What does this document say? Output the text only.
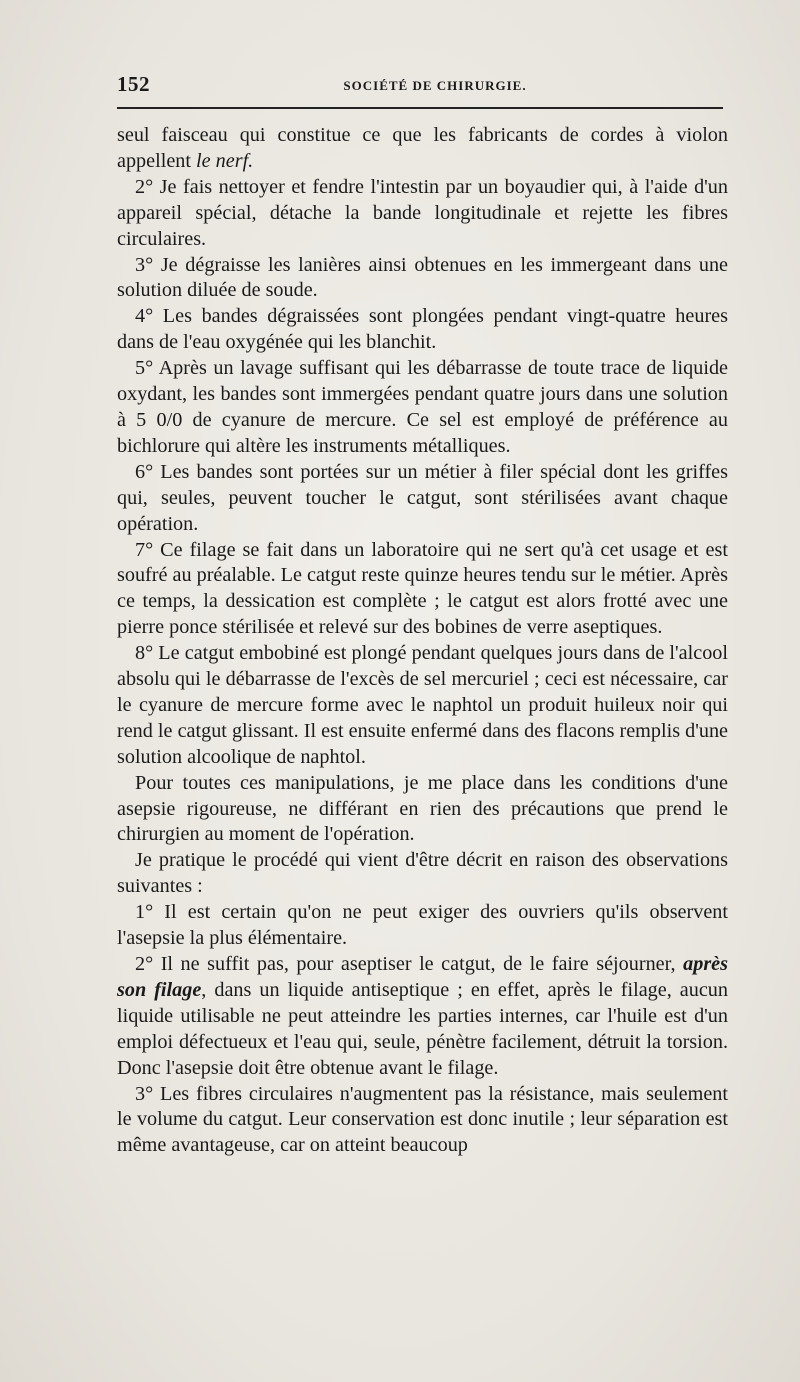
152	SOCIÉTÉ DE CHIRURGIE.

seul faisceau qui constitue ce que les fabricants de cordes à violon appellent le nerf.

2° Je fais nettoyer et fendre l'intestin par un boyaudier qui, à l'aide d'un appareil spécial, détache la bande longitudinale et rejette les fibres circulaires.

3° Je dégraisse les lanières ainsi obtenues en les immergeant dans une solution diluée de soude.

4° Les bandes dégraissées sont plongées pendant vingt-quatre heures dans de l'eau oxygénée qui les blanchit.

5° Après un lavage suffisant qui les débarrasse de toute trace de liquide oxydant, les bandes sont immergées pendant quatre jours dans une solution à 5 0/0 de cyanure de mercure. Ce sel est employé de préférence au bichlorure qui altère les instruments métalliques.

6° Les bandes sont portées sur un métier à filer spécial dont les griffes qui, seules, peuvent toucher le catgut, sont stérilisées avant chaque opération.

7° Ce filage se fait dans un laboratoire qui ne sert qu'à cet usage et est soufré au préalable. Le catgut reste quinze heures tendu sur le métier. Après ce temps, la dessication est complète ; le catgut est alors frotté avec une pierre ponce stérilisée et relevé sur des bobines de verre aseptiques.

8° Le catgut embobiné est plongé pendant quelques jours dans de l'alcool absolu qui le débarrasse de l'excès de sel mercuriel ; ceci est nécessaire, car le cyanure de mercure forme avec le naphtol un produit huileux noir qui rend le catgut glissant. Il est ensuite enfermé dans des flacons remplis d'une solution alcoolique de naphtol.

Pour toutes ces manipulations, je me place dans les conditions d'une asepsie rigoureuse, ne différant en rien des précautions que prend le chirurgien au moment de l'opération.

Je pratique le procédé qui vient d'être décrit en raison des observations suivantes :

1° Il est certain qu'on ne peut exiger des ouvriers qu'ils observent l'asepsie la plus élémentaire.

2° Il ne suffit pas, pour aseptiser le catgut, de le faire séjourner, après son filage, dans un liquide antiseptique ; en effet, après le filage, aucun liquide utilisable ne peut atteindre les parties internes, car l'huile est d'un emploi défectueux et l'eau qui, seule, pénètre facilement, détruit la torsion. Donc l'asepsie doit être obtenue avant le filage.

3° Les fibres circulaires n'augmentent pas la résistance, mais seulement le volume du catgut. Leur conservation est donc inutile ; leur séparation est même avantageuse, car on atteint beaucoup
